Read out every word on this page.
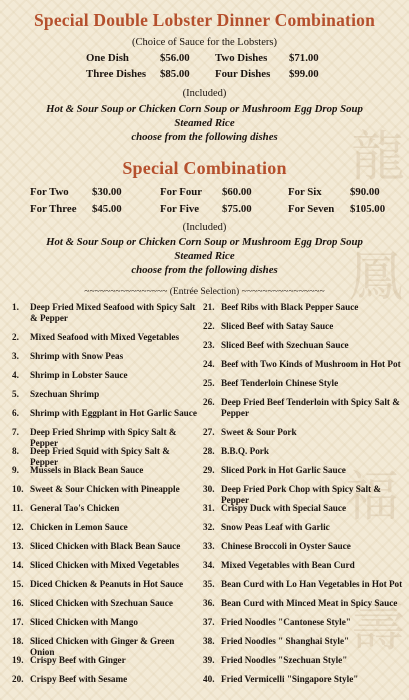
龍
鳳
福
壽
Special Double Lobster Dinner Combination
(Choice of Sauce for the Lobsters)
One Dish	$56.00	Two Dishes	$71.00
Three Dishes	$85.00	Four Dishes	$99.00
(Included)
Hot & Sour Soup or Chicken Corn Soup or Mushroom Egg Drop Soup
Steamed Rice
choose from the following dishes
Special Combination
For Two	$30.00	For Four	$60.00	For Six	$90.00
For Three	$45.00	For Five	$75.00	For Seven	$105.00
(Included)
Hot & Sour Soup or Chicken Corn Soup or Mushroom Egg Drop Soup
Steamed Rice
choose from the following dishes
~~~~~~~~~~~~~~~~ (Entrée Selection) ~~~~~~~~~~~~~~~~
1.	Deep Fried Mixed Seafood with Spicy Salt & Pepper
2.	Mixed Seafood with Mixed Vegetables
3.	Shrimp with Snow Peas
4.	Shrimp in Lobster Sauce
5.	Szechuan Shrimp
6.	Shrimp with Eggplant in Hot Garlic Sauce
7.	Deep Fried Shrimp with Spicy Salt & Pepper
8.	Deep Fried Squid with Spicy Salt & Pepper
9.	Mussels in Black Bean Sauce
10. Sweet & Sour Chicken with Pineapple
11. General Tao's Chicken
12. Chicken in Lemon Sauce
13. Sliced Chicken with Black Bean Sauce
14. Sliced Chicken with Mixed Vegetables
15. Diced Chicken & Peanuts in Hot Sauce
16. Sliced Chicken with Szechuan Sauce
17. Sliced Chicken with Mango
18. Sliced Chicken with Ginger & Green Onion
19. Crispy Beef with Ginger
20. Crispy Beef with Sesame
21. Beef Ribs with Black Pepper Sauce
22. Sliced Beef with Satay Sauce
23. Sliced Beef with Szechuan Sauce
24. Beef with Two Kinds of Mushroom in Hot Pot
25. Beef Tenderloin Chinese Style
26. Deep Fried Beef Tenderloin with Spicy Salt & Pepper
27. Sweet & Sour Pork
28. B.B.Q. Pork
29. Sliced Pork in Hot Garlic Sauce
30. Deep Fried Pork Chop with Spicy Salt & Pepper
31. Crispy Duck with Special Sauce
32. Snow Peas Leaf with Garlic
33. Chinese Broccoli in Oyster Sauce
34. Mixed Vegetables with Bean Curd
35. Bean Curd with Lo Han Vegetables in Hot Pot
36. Bean Curd with Minced Meat in Spicy Sauce
37. Fried Noodles "Cantonese Style"
38. Fried Noodles " Shanghai Style"
39. Fried Noodles "Szechuan Style"
40. Fried Vermicelli "Singapore Style"
